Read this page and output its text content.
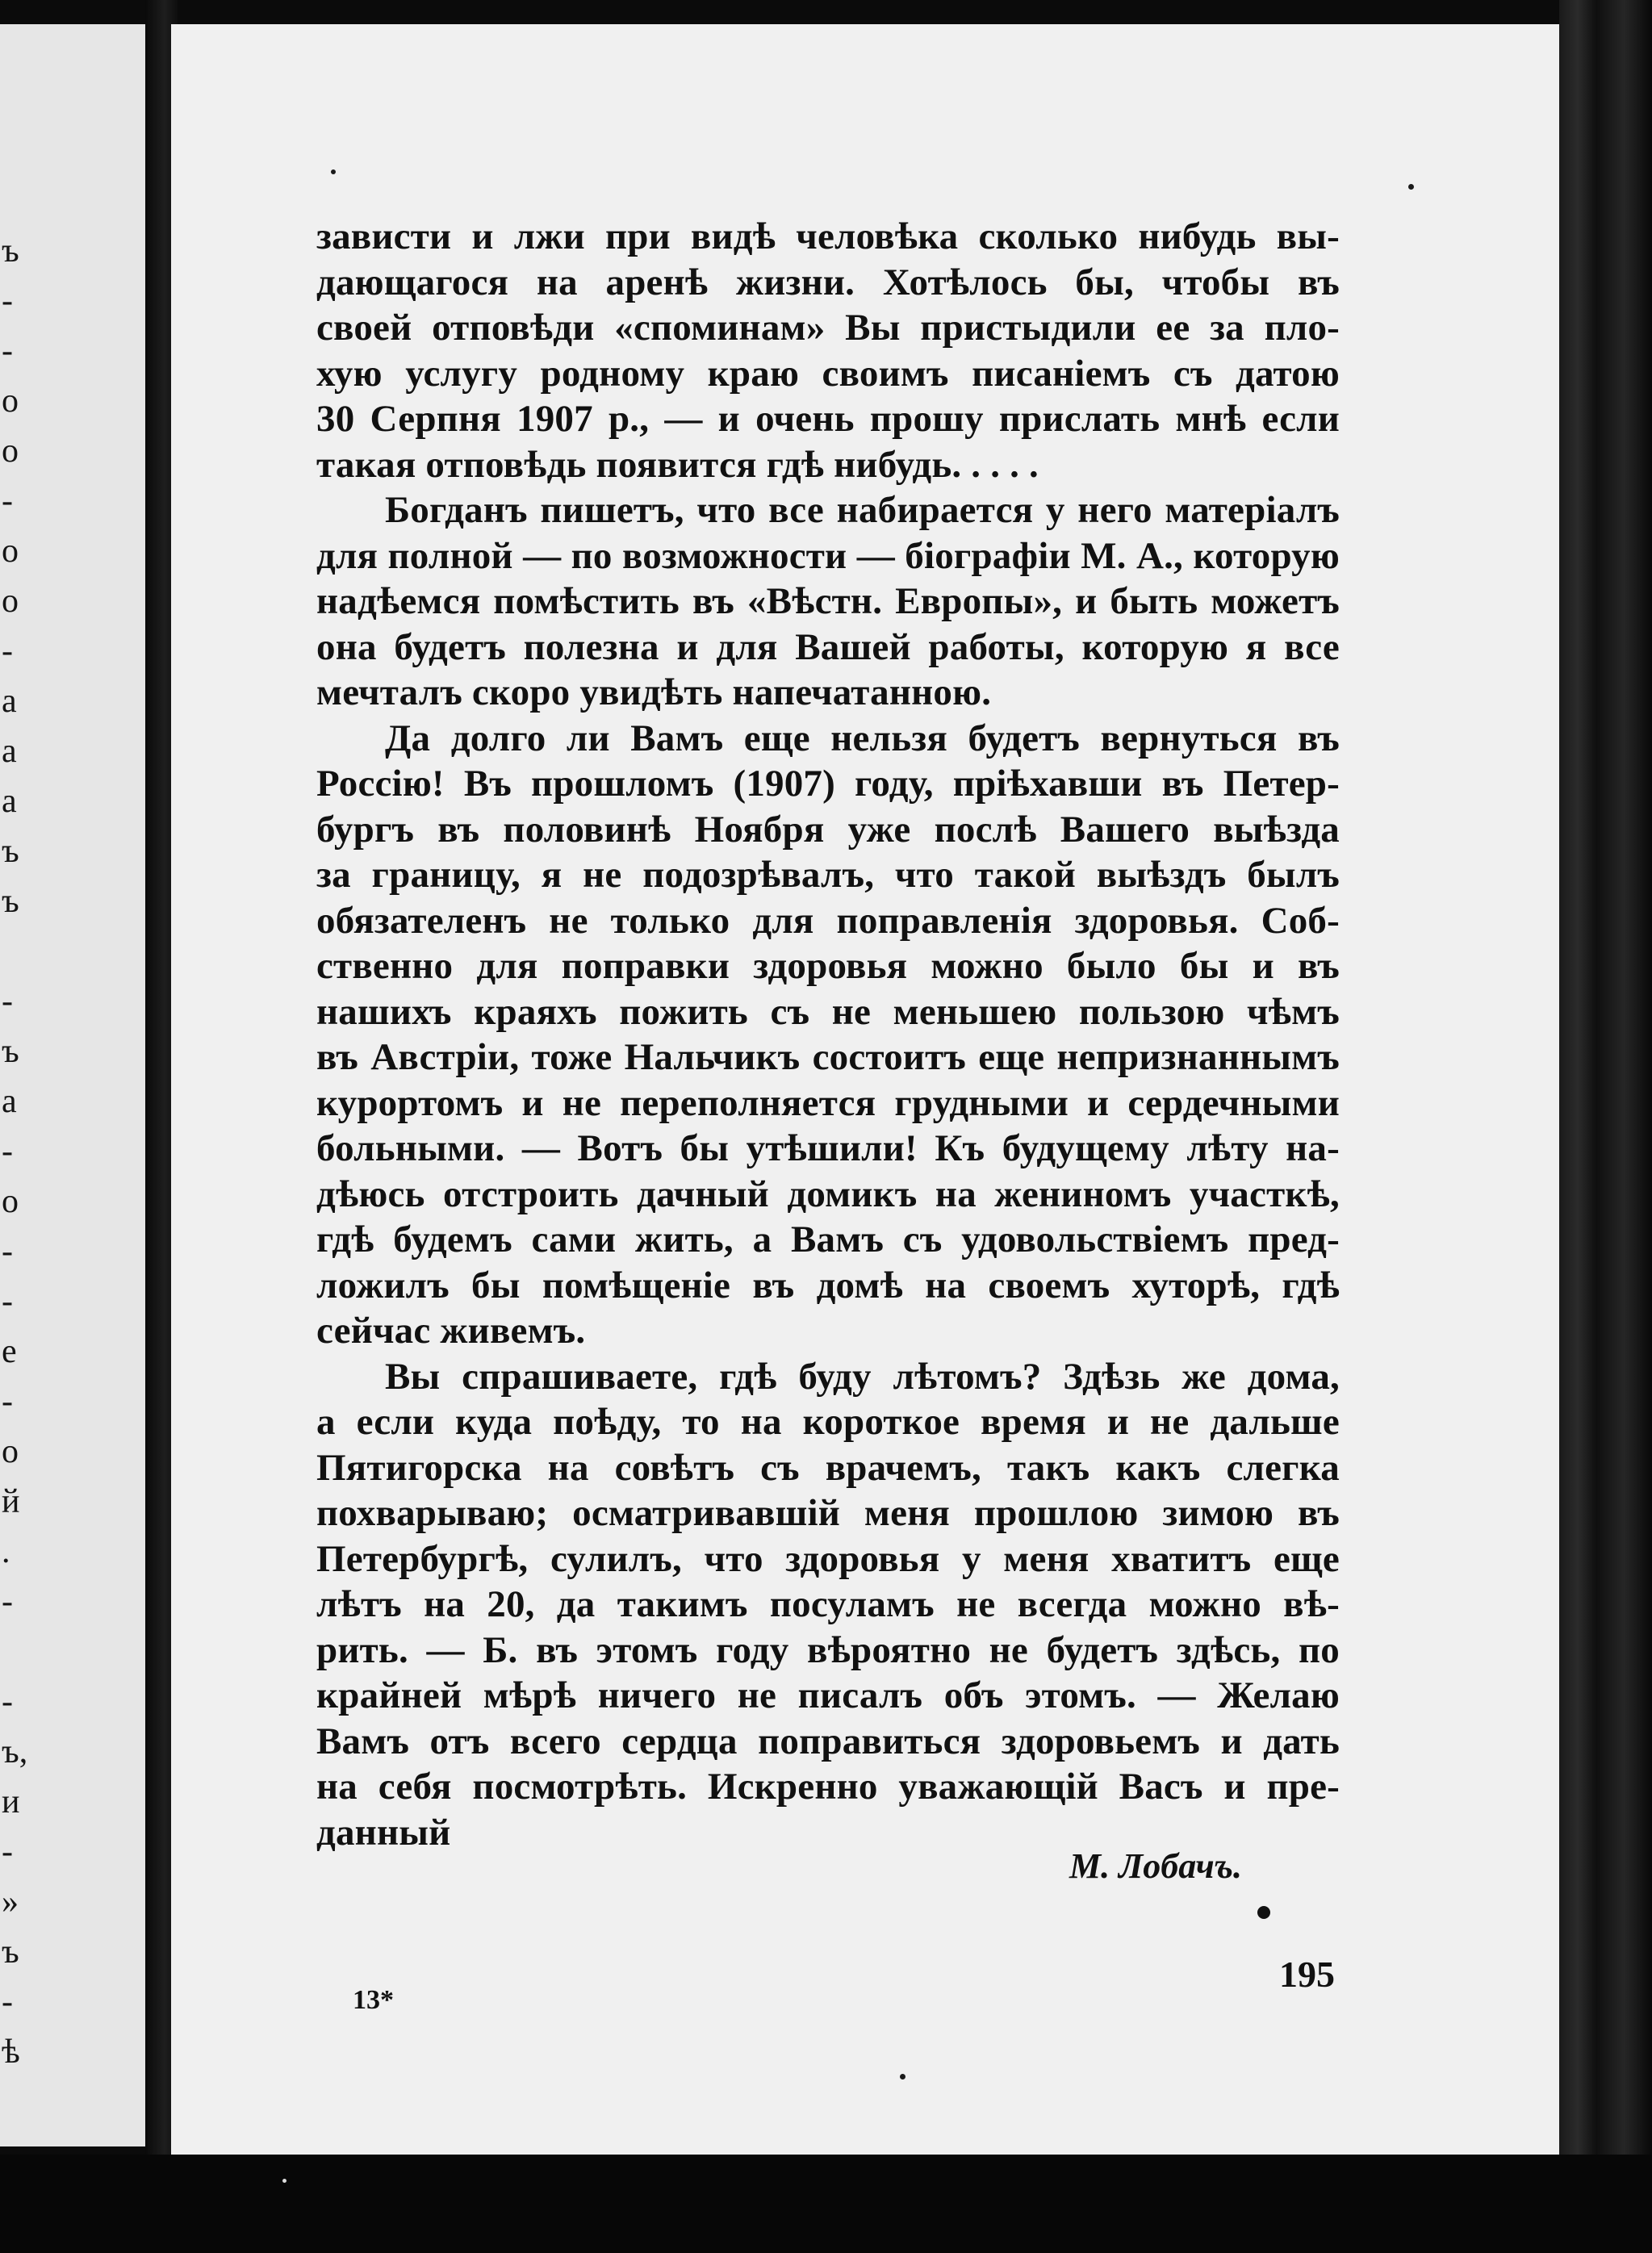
ъ
-
-
о
о
-
о
о
-
а
а
а
ъ
ъ
-
ъ
а
-
о
-
-
е
-
о
й
.
-
-
ъ,
и
-
»
ъ
-
ѣ
зависти и лжи при видѣ человѣка сколько нибудь вы-
дающагося на аренѣ жизни. Хотѣлось бы, чтобы въ
своей отповѣди «споминам» Вы пристыдили ее за пло-
хую услугу родному краю своимъ писаніемъ съ датою
30 Серпня 1907 р., — и очень прошу прислать мнѣ если
такая отповѣдь появится гдѣ нибудь. . . . .
Богданъ пишетъ, что все набирается у него матеріалъ
для полной — по возможности — біографіи М. А., которую
надѣемся помѣстить въ «Вѣстн. Европы», и быть можетъ
она будетъ полезна и для Вашей работы, которую я все
мечталъ скоро увидѣть напечатанною.
Да долго ли Вамъ еще нельзя будетъ вернуться въ
Россію! Въ прошломъ (1907) году, пріѣхавши въ Петер-
бургъ въ половинѣ Ноября уже послѣ Вашего выѣзда
за границу, я не подозрѣвалъ, что такой выѣздъ былъ
обязателенъ не только для поправленія здоровья. Соб-
ственно для поправки здоровья можно было бы и въ
нашихъ краяхъ пожить съ не меньшею пользою чѣмъ
въ Австріи, тоже Нальчикъ состоитъ еще непризнаннымъ
курортомъ и не переполняется грудными и сердечными
больными. — Вотъ бы утѣшили! Къ будущему лѣту на-
дѣюсь отстроить дачный домикъ на жениномъ участкѣ,
гдѣ будемъ сами жить, а Вамъ съ удовольствіемъ пред-
ложилъ бы помѣщеніе въ домѣ на своемъ хуторѣ, гдѣ
сейчас живемъ.
Вы спрашиваете, гдѣ буду лѣтомъ? Здѣзь же дома,
а если куда поѣду, то на короткое время и не дальше
Пятигорска на совѣтъ съ врачемъ, такъ какъ слегка
похварываю; осматривавшій меня прошлою зимою въ
Петербургѣ, сулилъ, что здоровья у меня хватитъ еще
лѣтъ на 20, да такимъ посуламъ не всегда можно вѣ-
рить. — Б. въ этомъ году вѣроятно не будетъ здѣсь, по
крайней мѣрѣ ничего не писалъ объ этомъ. — Желаю
Вамъ отъ всего сердца поправиться здоровьемъ и дать
на себя посмотрѣть. Искренно уважающій Васъ и пре-
данный
М. Лобачъ.
13*
195
